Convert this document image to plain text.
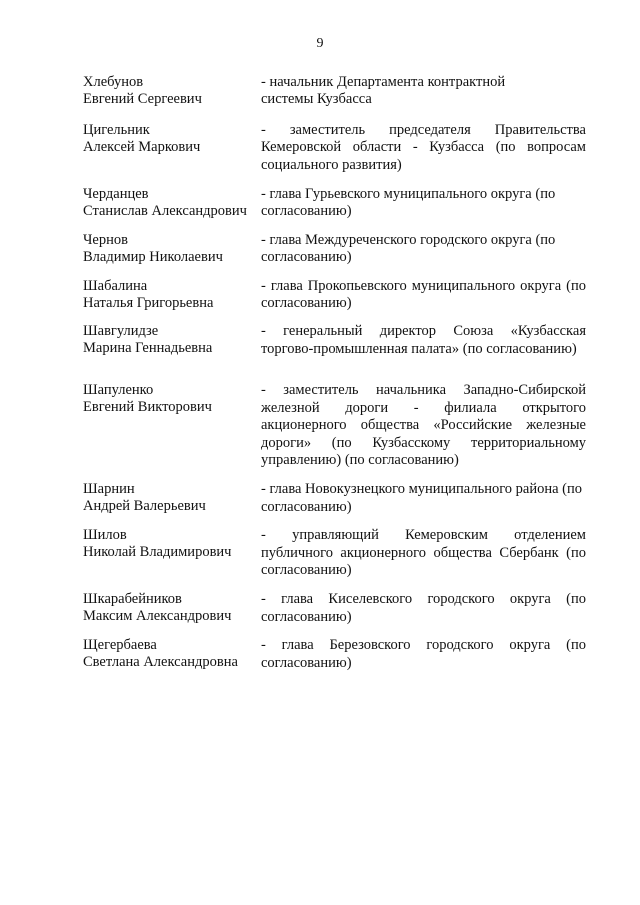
9
Хлебунов
Евгений Сергеевич
- начальник Департамента контрактной системы Кузбасса
Цигельник
Алексей Маркович
- заместитель председателя Правительства Кемеровской области - Кузбасса (по вопросам социального развития)
Черданцев
Станислав Александрович
- глава Гурьевского муниципального округа (по согласованию)
Чернов
Владимир Николаевич
- глава Междуреченского городского округа (по согласованию)
Шабалина
Наталья Григорьевна
- глава Прокопьевского муниципального округа (по согласованию)
Шавгулидзе
Марина Геннадьевна
- генеральный директор Союза «Кузбасская торгово-промышленная палата» (по согласованию)
Шапуленко
Евгений Викторович
- заместитель начальника Западно-Сибирской железной дороги - филиала открытого акционерного общества «Российские железные дороги» (по Кузбасскому территориальному управлению) (по согласованию)
Шарнин
Андрей Валерьевич
- глава Новокузнецкого муниципального района (по согласованию)
Шилов
Николай Владимирович
- управляющий Кемеровским отделением публичного акционерного общества Сбербанк (по согласованию)
Шкарабейников
Максим Александрович
- глава Киселевского городского округа (по согласованию)
Щегербаева
Светлана Александровна
- глава Березовского городского округа (по согласованию)
